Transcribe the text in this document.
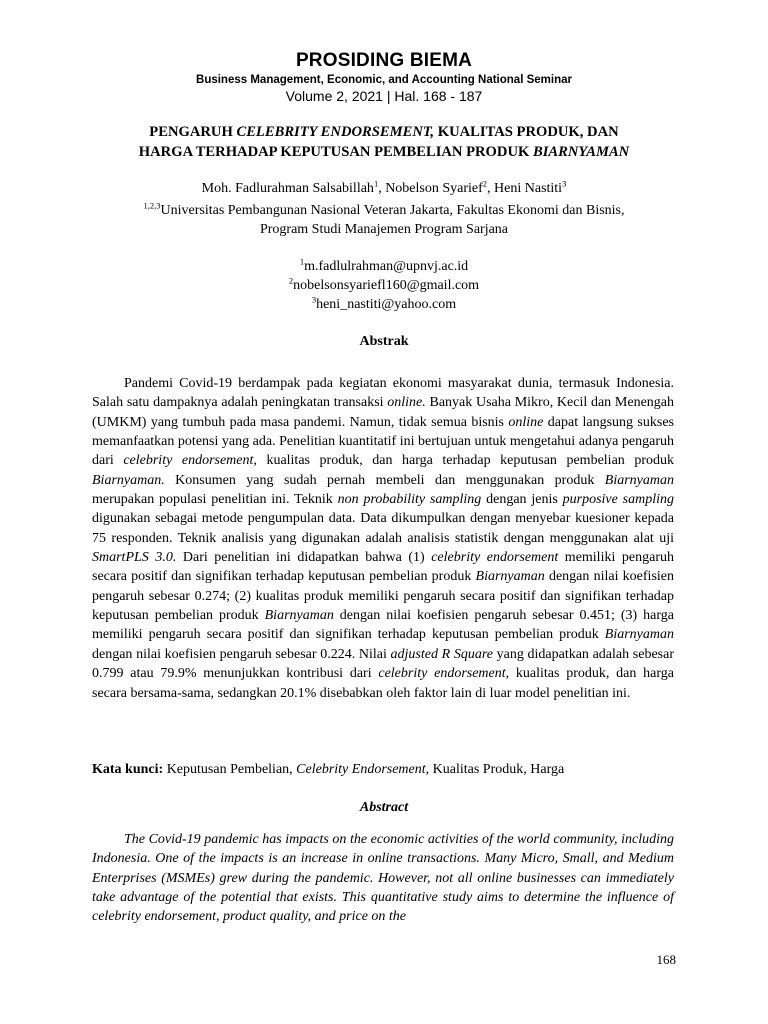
PROSIDING BIEMA
Business Management, Economic, and Accounting National Seminar
Volume 2, 2021 | Hal. 168 - 187
PENGARUH CELEBRITY ENDORSEMENT, KUALITAS PRODUK, DAN
HARGA TERHADAP KEPUTUSAN PEMBELIAN PRODUK BIARNYAMAN
Moh. Fadlurahman Salsabillah$^1$, Nobelson Syarief$^2$, Heni Nastiti$^3$
$^{1,2,3}$Universitas Pembangunan Nasional Veteran Jakarta, Fakultas Ekonomi dan Bisnis,
Program Studi Manajemen Program Sarjana
$^1$m.fadlulrahman@upnvj.ac.id
$^2$nobelsonsyariefl160@gmail.com
$^3$heni_nastiti@yahoo.com
Abstrak
Pandemi Covid-19 berdampak pada kegiatan ekonomi masyarakat dunia, termasuk Indonesia. Salah satu dampaknya adalah peningkatan transaksi online. Banyak Usaha Mikro, Kecil dan Menengah (UMKM) yang tumbuh pada masa pandemi. Namun, tidak semua bisnis online dapat langsung sukses memanfaatkan potensi yang ada. Penelitian kuantitatif ini bertujuan untuk mengetahui adanya pengaruh dari celebrity endorsement, kualitas produk, dan harga terhadap keputusan pembelian produk Biarnyaman. Konsumen yang sudah pernah membeli dan menggunakan produk Biarnyaman merupakan populasi penelitian ini. Teknik non probability sampling dengan jenis purposive sampling digunakan sebagai metode pengumpulan data. Data dikumpulkan dengan menyebar kuesioner kepada 75 responden. Teknik analisis yang digunakan adalah analisis statistik dengan menggunakan alat uji SmartPLS 3.0. Dari penelitian ini didapatkan bahwa (1) celebrity endorsement memiliki pengaruh secara positif dan signifikan terhadap keputusan pembelian produk Biarnyaman dengan nilai koefisien pengaruh sebesar 0.274; (2) kualitas produk memiliki pengaruh secara positif dan signifikan terhadap keputusan pembelian produk Biarnyaman dengan nilai koefisien pengaruh sebesar 0.451; (3) harga memiliki pengaruh secara positif dan signifikan terhadap keputusan pembelian produk Biarnyaman dengan nilai koefisien pengaruh sebesar 0.224. Nilai adjusted R Square yang didapatkan adalah sebesar 0.799 atau 79.9% menunjukkan kontribusi dari celebrity endorsement, kualitas produk, dan harga secara bersama-sama, sedangkan 20.1% disebabkan oleh faktor lain di luar model penelitian ini.
Kata kunci: Keputusan Pembelian, Celebrity Endorsement, Kualitas Produk, Harga
Abstract
The Covid-19 pandemic has impacts on the economic activities of the world community, including Indonesia. One of the impacts is an increase in online transactions. Many Micro, Small, and Medium Enterprises (MSMEs) grew during the pandemic. However, not all online businesses can immediately take advantage of the potential that exists. This quantitative study aims to determine the influence of celebrity endorsement, product quality, and price on the
168
